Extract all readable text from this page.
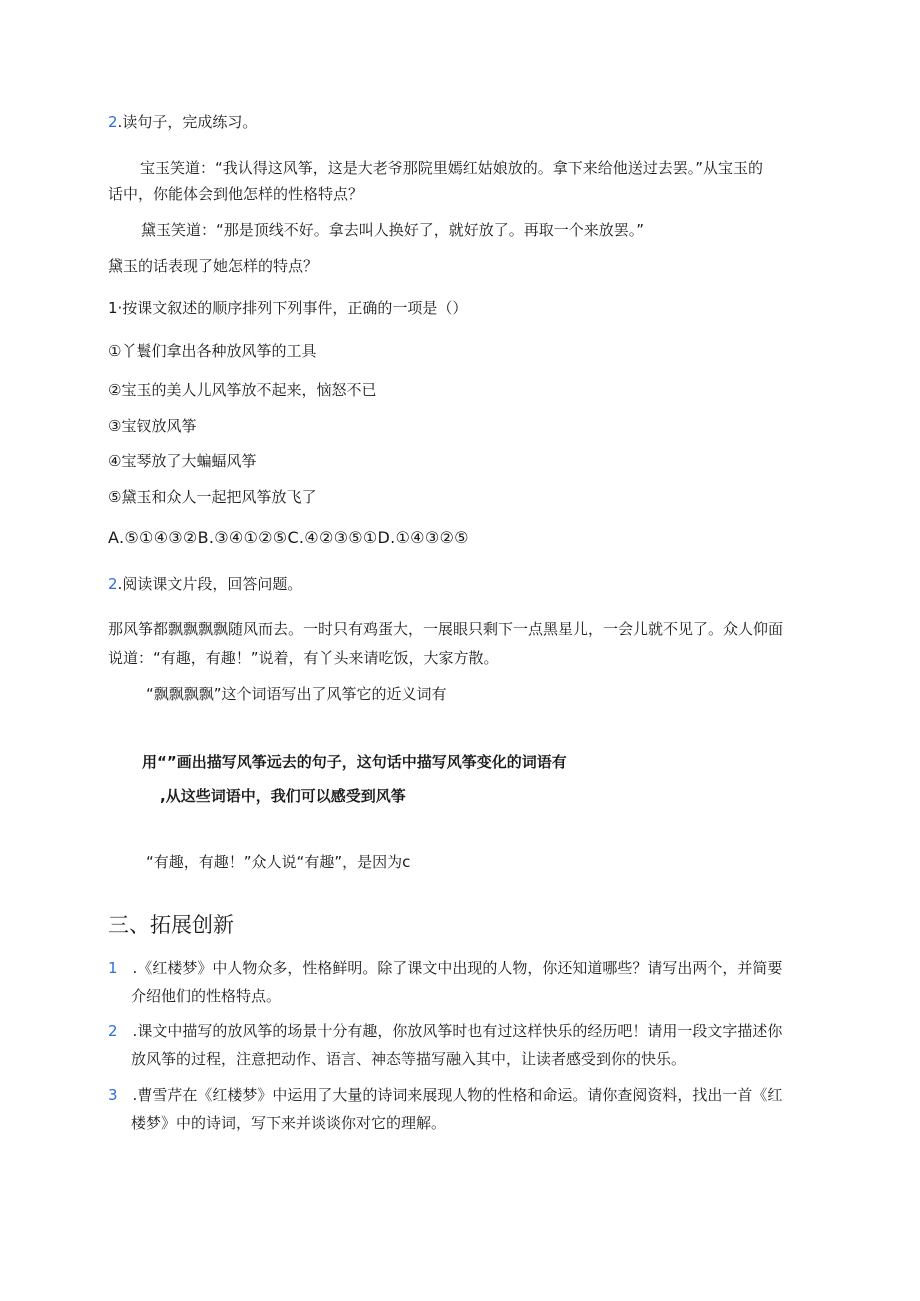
2.读句子，完成练习。
宝玉笑道：“我认得这风筝，这是大老爷那院里嫣红姑娘放的。拿下来给他送过去罢。”从宝玉的
话中，你能体会到他怎样的性格特点？
黛玉笑道：“那是顶线不好。拿去叫人换好了，就好放了。再取一个来放罢。”
黛玉的话表现了她怎样的特点？
1·按课文叙述的顺序排列下列事件，正确的一项是（）
①丫鬟们拿出各种放风筝的工具
②宝玉的美人儿风筝放不起来，恼怒不已
③宝钗放风筝
④宝琴放了大蝙蝠风筝
⑤黛玉和众人一起把风筝放飞了
A.⑤①④③②B.③④①②⑤C.④②③⑤①D.①④③②⑤
2.阅读课文片段，回答问题。
那风筝都飘飘飘飘随风而去。一时只有鸡蛋大，一展眼只剩下一点黑星儿，一会儿就不见了。众人仰面
说道：“有趣，有趣！”说着，有丫头来请吃饭，大家方散。
“飘飘飘飘”这个词语写出了风筝它的近义词有
用“”画出描写风筝远去的句子，这句话中描写风筝变化的词语有
,从这些词语中，我们可以感受到风筝
“有趣，有趣！”众人说“有趣”，是因为c
三、拓展创新
1 .《红楼梦》中人物众多，性格鲜明。除了课文中出现的人物，你还知道哪些？请写出两个，并简要
介绍他们的性格特点。
2 .课文中描写的放风筝的场景十分有趣，你放风筝时也有过这样快乐的经历吧！请用一段文字描述你
放风筝的过程，注意把动作、语言、神态等描写融入其中，让读者感受到你的快乐。
3 .曹雪芹在《红楼梦》中运用了大量的诗词来展现人物的性格和命运。请你查阅资料，找出一首《红
楼梦》中的诗词，写下来并谈谈你对它的理解。
